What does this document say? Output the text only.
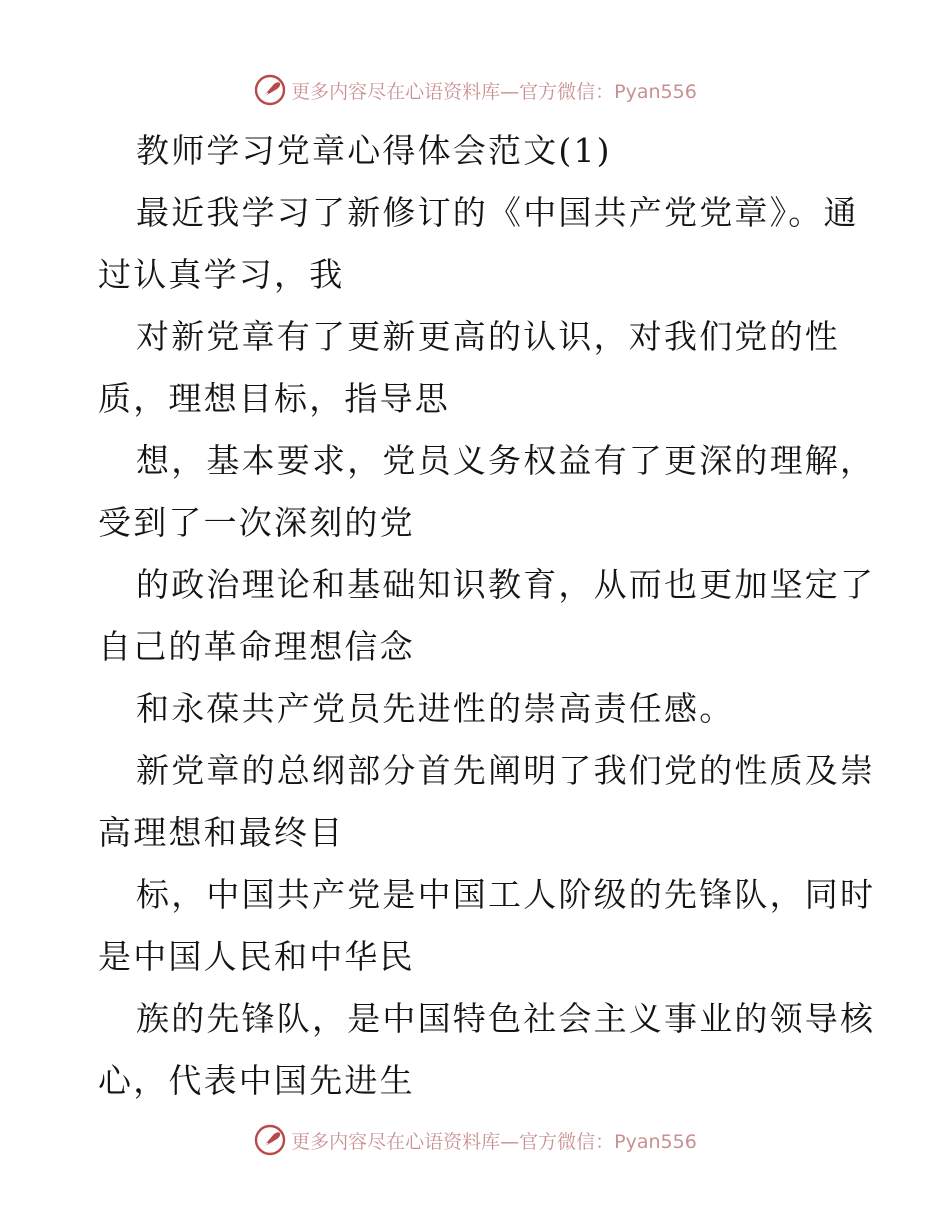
更多内容尽在心语资料库—官方微信：Pyan556
教师学习党章心得体会范文(1)
最近我学习了新修订的《中国共产党党章》。通
过认真学习，我
对新党章有了更新更高的认识，对我们党的性
质，理想目标，指导思
想，基本要求，党员义务权益有了更深的理解，
受到了一次深刻的党
的政治理论和基础知识教育，从而也更加坚定了
自己的革命理想信念
和永葆共产党员先进性的崇高责任感。
新党章的总纲部分首先阐明了我们党的性质及崇
高理想和最终目
标，中国共产党是中国工人阶级的先锋队，同时
是中国人民和中华民
族的先锋队，是中国特色社会主义事业的领导核
心，代表中国先进生
更多内容尽在心语资料库—官方微信：Pyan556
